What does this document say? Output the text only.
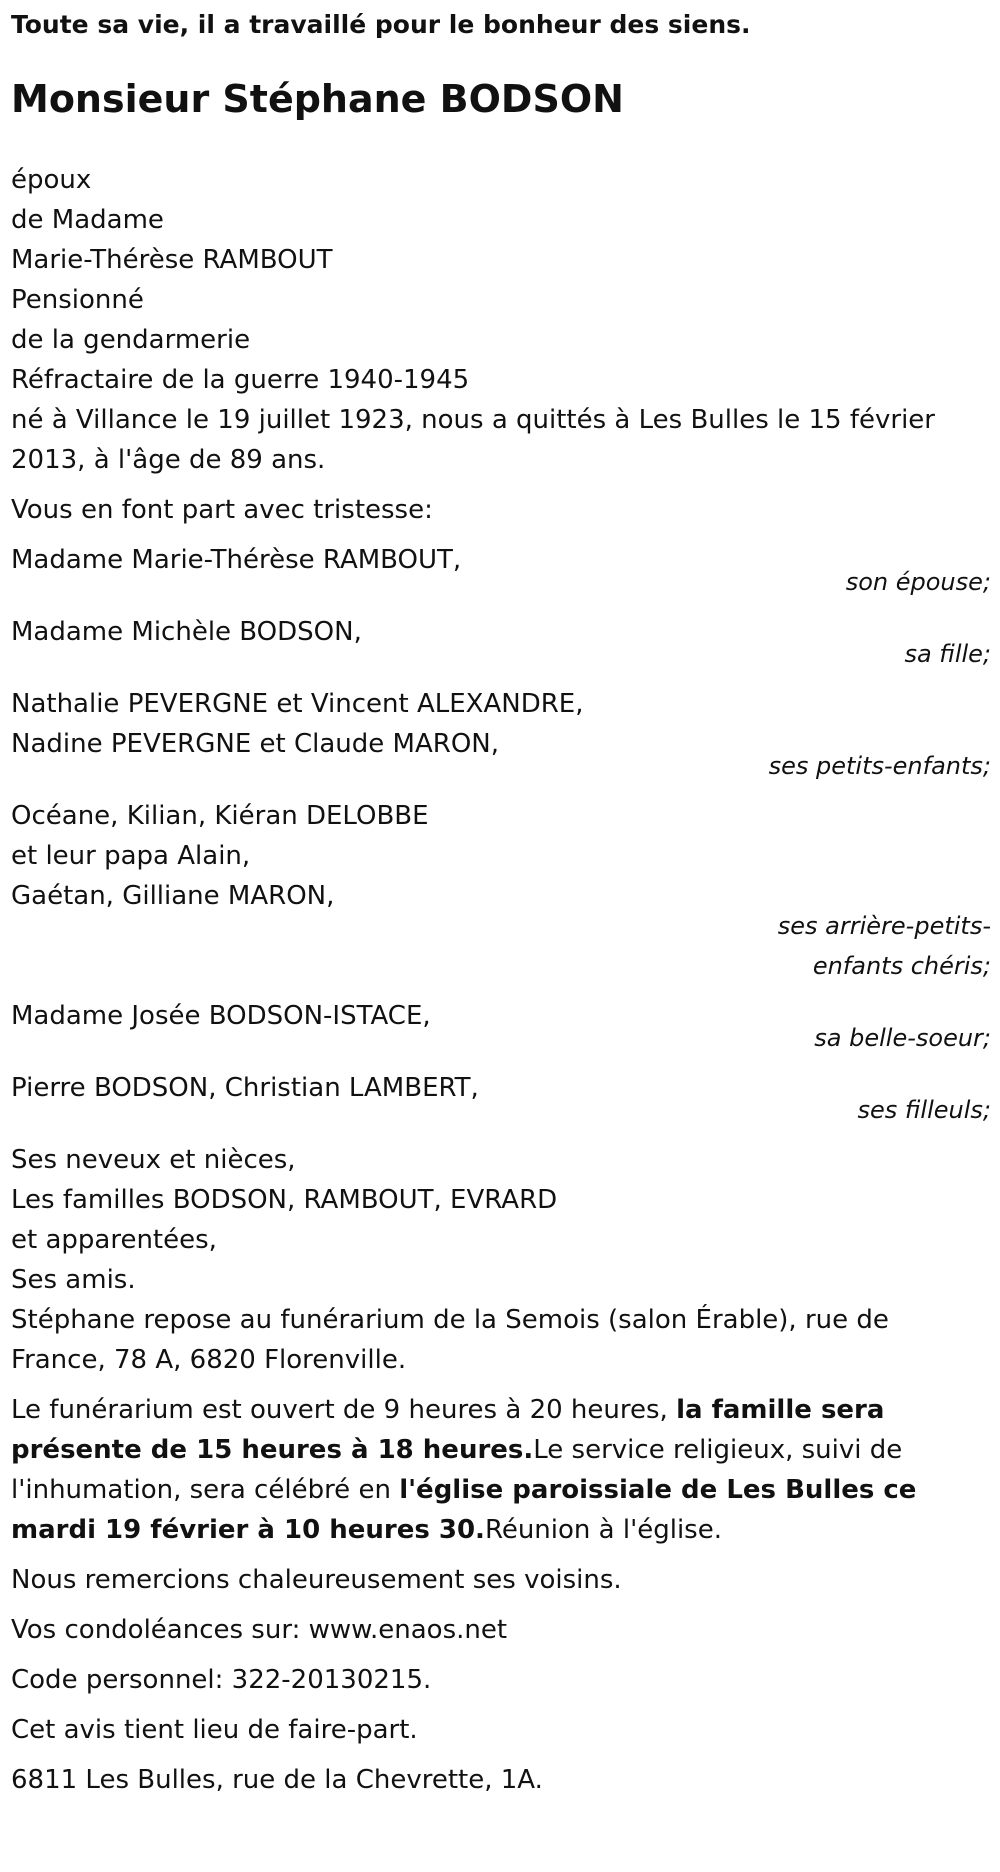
Toute sa vie, il a travaillé pour le bonheur des siens.
Monsieur Stéphane BODSON
époux
de Madame
Marie-Thérèse RAMBOUT
Pensionné
de la gendarmerie
Réfractaire de la guerre 1940-1945
né à Villance le 19 juillet 1923, nous a quittés à Les Bulles le 15 février 2013, à l'âge de 89 ans.
Vous en font part avec tristesse:
Madame Marie-Thérèse RAMBOUT,
son épouse;
Madame Michèle BODSON,
sa fille;
Nathalie PEVERGNE et Vincent ALEXANDRE,
Nadine PEVERGNE et Claude MARON,
ses petits-enfants;
Océane, Kilian, Kiéran DELOBBE
et leur papa Alain,
Gaétan, Gilliane MARON,
ses arrière-petits-
enfants chéris;
Madame Josée BODSON-ISTACE,
sa belle-soeur;
Pierre BODSON, Christian LAMBERT,
ses filleuls;
Ses neveux et nièces,
Les familles BODSON, RAMBOUT, EVRARD
et apparentées,
Ses amis.
Stéphane repose au funérarium de la Semois (salon Érable), rue de France, 78 A, 6820 Florenville.
Le funérarium est ouvert de 9 heures à 20 heures, la famille sera présente de 15 heures à 18 heures.Le service religieux, suivi de l'inhumation, sera célébré en l'église paroissiale de Les Bulles ce mardi 19 février à 10 heures 30.Réunion à l'église.
Nous remercions chaleureusement ses voisins.
Vos condoléances sur: www.enaos.net
Code personnel: 322-20130215.
Cet avis tient lieu de faire-part.
6811 Les Bulles, rue de la Chevrette, 1A.
